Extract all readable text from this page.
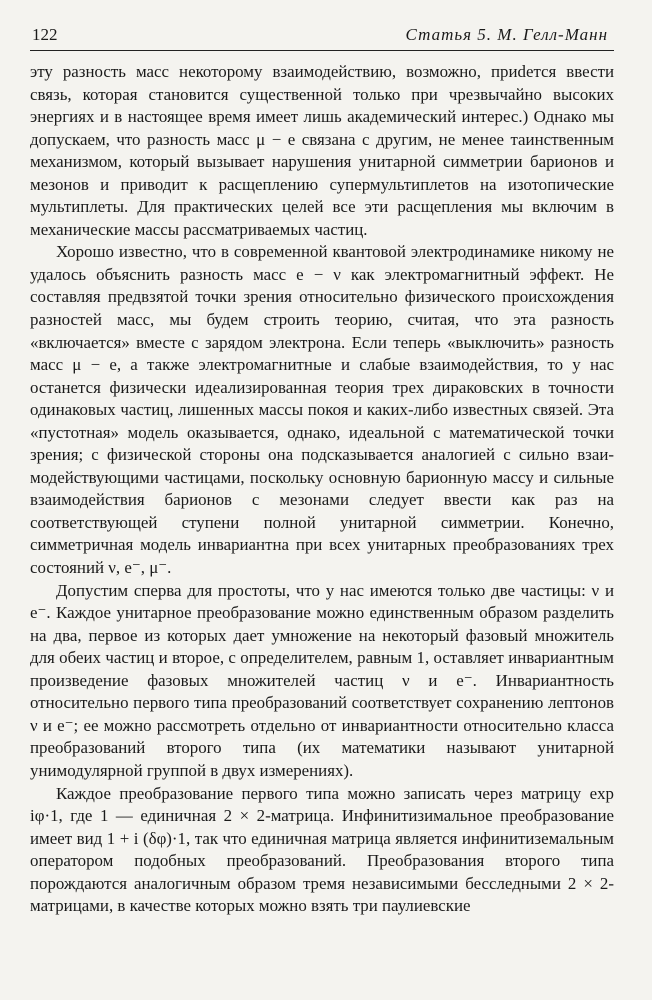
122	Статья 5. М. Гелл-Манн

эту разность масс некоторому взаимодействию, возможно, приdется ввести связь, которая становится существенной только при чрезвычайно высоких энергиях и в настоящее время имеет лишь академический интерес.) Однако мы допускаем, что разность масс μ − e связана с другим, не менее таинственным механизмом, который вызывает нарушения унитарной симметрии барионов и мезонов и приводит к расщеплению супермультиплетов на изотопические мультиплеты. Для практических целей все эти расщепления мы включим в механические массы рассматриваемых частиц.

Хорошо известно, что в современной квантовой электродинамике никому не удалось объяснить разность масс e − ν как электромагнитный эффект. Не составляя предвзятой точки зрения относительно физического происхождения разностей масс, мы будем строить теорию, считая, что эта разность «включается» вместе с зарядом электрона. Если теперь «выключить» разность масс μ − e, а также электромагнитные и слабые взаимодействия, то у нас останется физически идеализированная теория трех дираковских в точности одинаковых частиц, лишенных массы покоя и каких-либо известных связей. Эта «пустотная» модель оказывается, однако, идеальной с математической точки зрения; с физической стороны она подсказывается аналогией с сильно взаимодействующими частицами, поскольку основную барионную массу и сильные взаимодействия барионов с мезонами следует ввести как раз на соответствующей ступени полной унитарной симметрии. Конечно, симметричная модель инвариантна при всех унитарных преобразованиях трех состояний ν, e⁻, μ⁻.

Допустим сперва для простоты, что у нас имеются только две частицы: ν и e⁻. Каждое унитарное преобразование можно единственным образом разделить на два, первое из которых дает умножение на некоторый фазовый множитель для обеих частиц и второе, с определителем, равным 1, оставляет инвариантным произведение фазовых множителей частиц ν и e⁻. Инвариантность относительно первого типа преобразований соответствует сохранению лептонов ν и e⁻; ее можно рассмотреть отдельно от инвариантности относительно класса преобразований второго типа (их математики называют унитарной унимодулярной группой в двух измерениях).

Каждое преобразование первого типа можно записать через матрицу exp iφ·1, где 1 — единичная 2 × 2-матрица. Инфинитизимальное преобразование имеет вид 1 + i (δφ)·1, так что единичная матрица является инфинитиземальным оператором подобных преобразований. Преобразования второго типа порождаются аналогичным образом тремя независимыми бесследными 2 × 2-матрицами, в качестве которых можно взять три паулиевские
